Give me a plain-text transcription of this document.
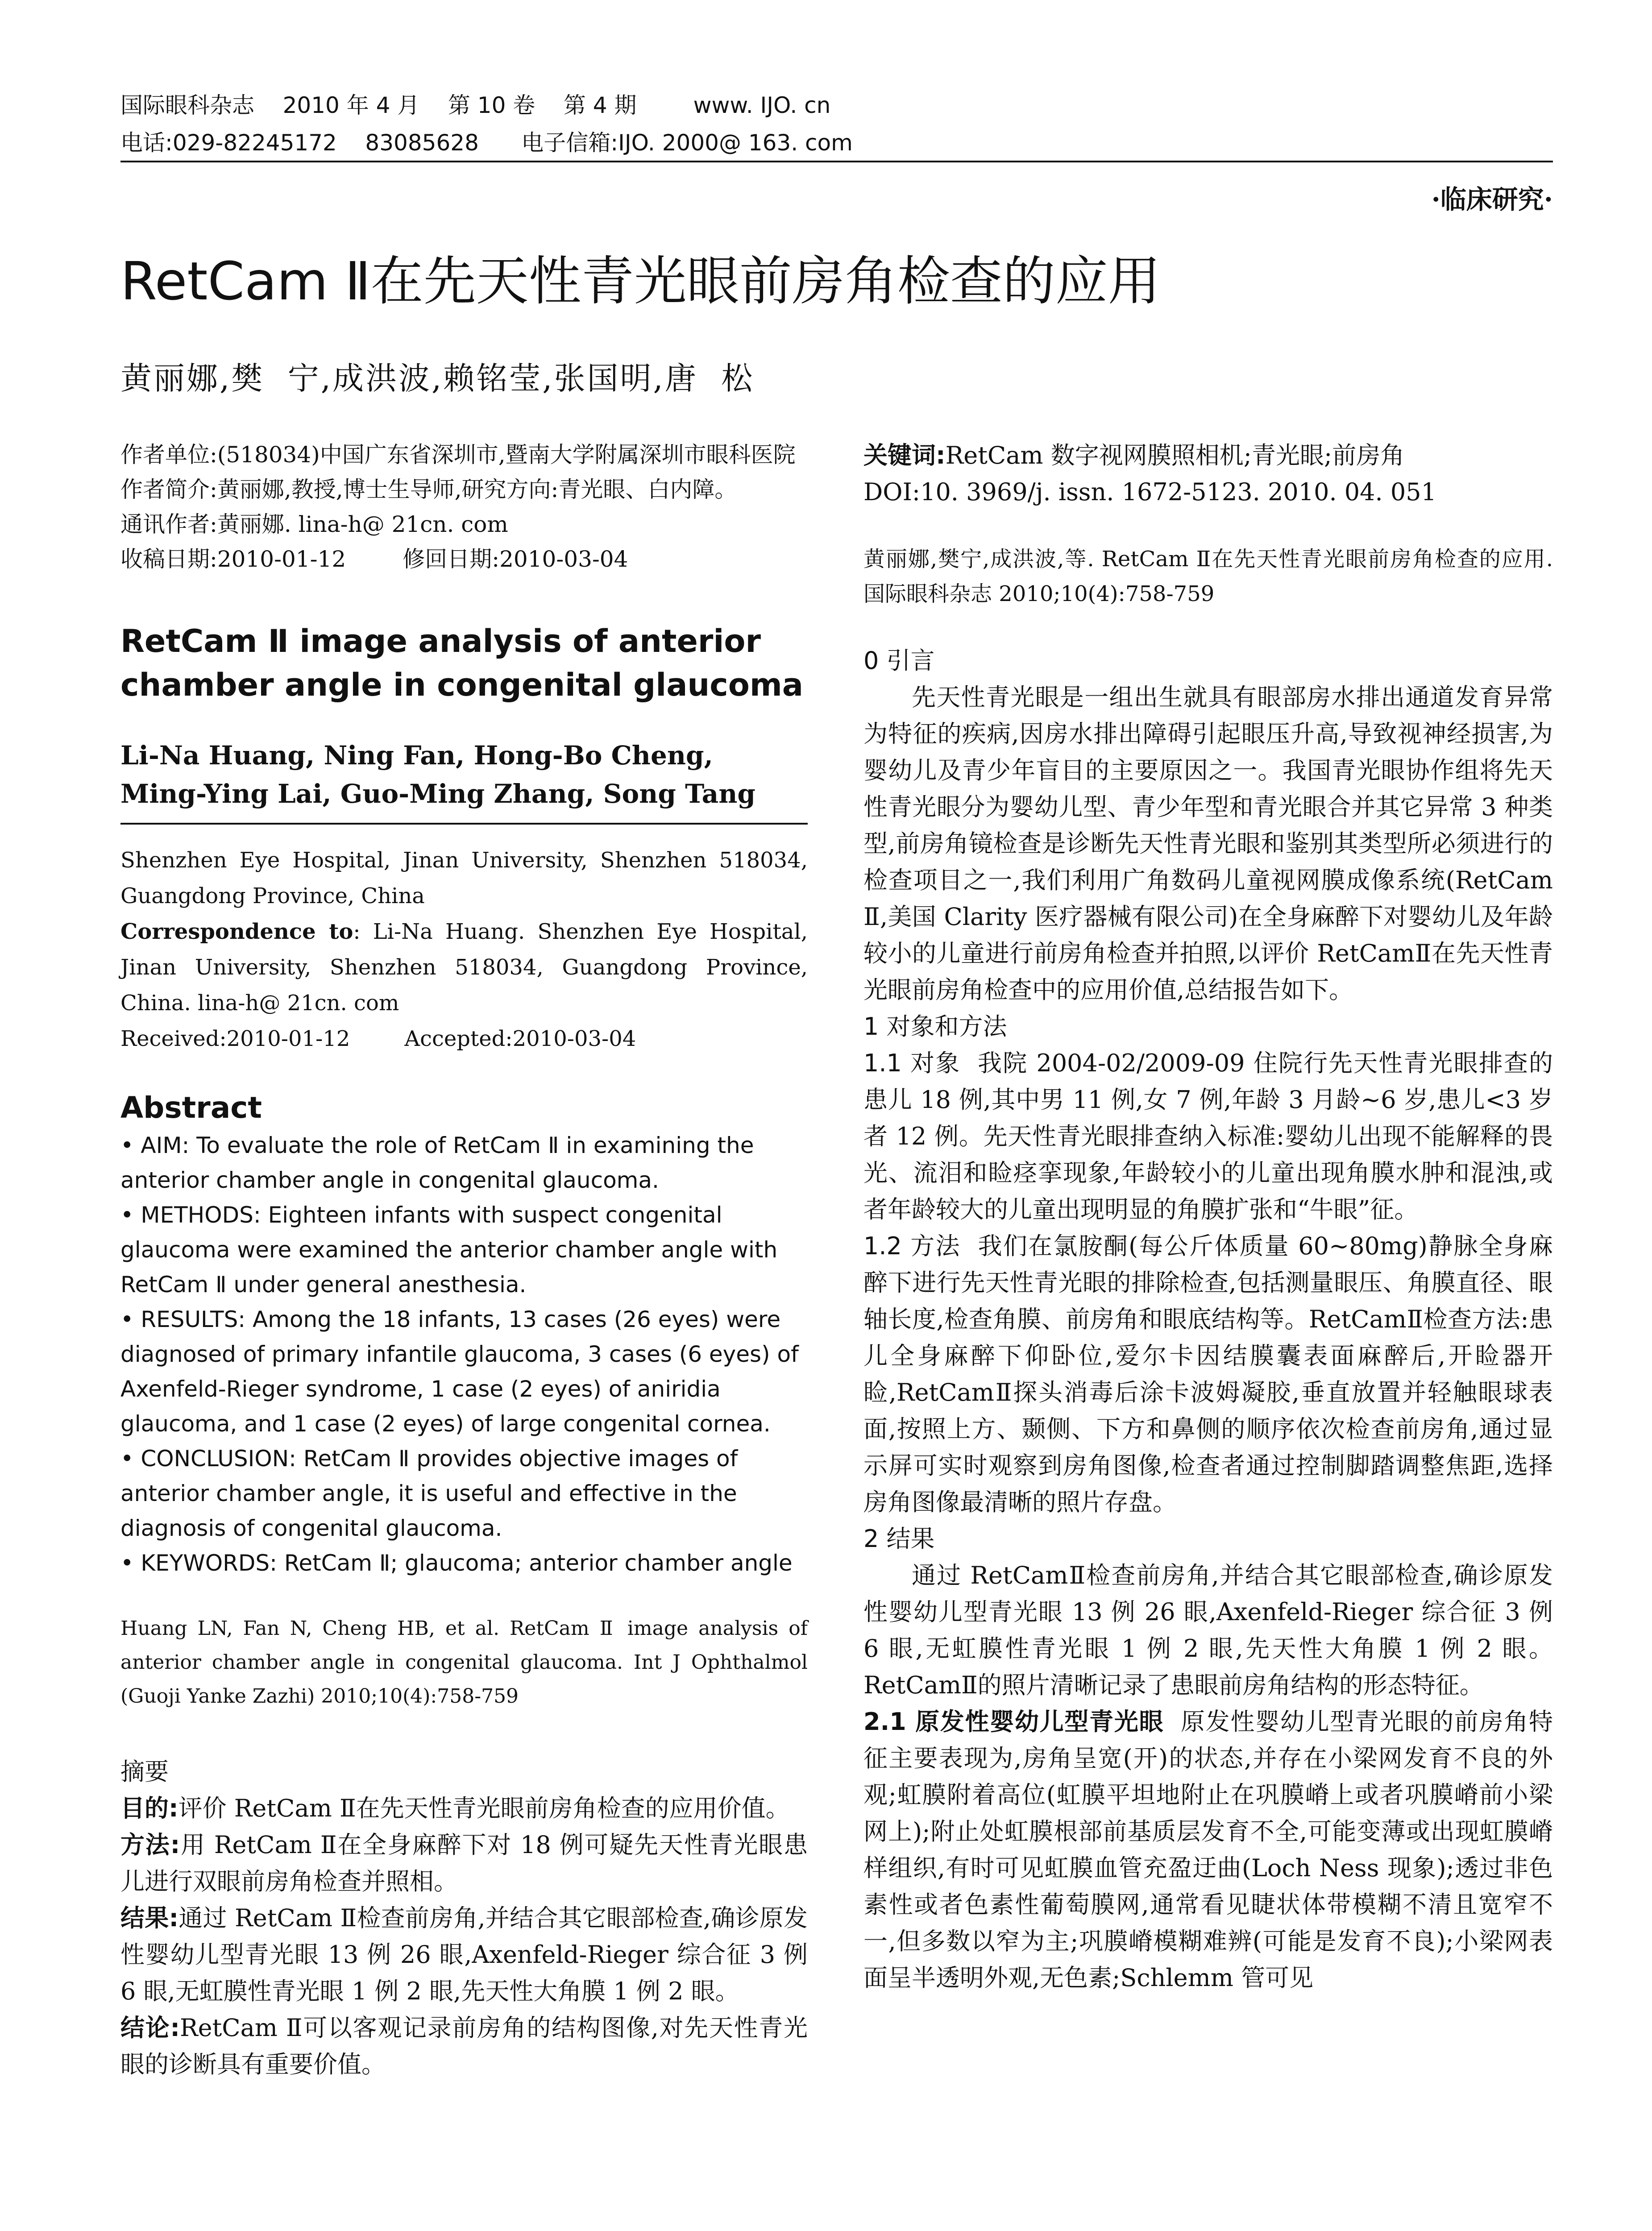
国际眼科杂志    2010 年 4 月    第 10 卷    第 4 期        www. IJO. cn
电话:029-82245172    83085628      电子信箱:IJO. 2000@ 163. com
·临床研究·
RetCam Ⅱ在先天性青光眼前房角检查的应用
黄丽娜,樊  宁,成洪波,赖铭莹,张国明,唐  松

作者单位:(518034)中国广东省深圳市,暨南大学附属深圳市眼科医院

作者简介:黄丽娜,教授,博士生导师,研究方向:青光眼、白内障。

通讯作者:黄丽娜. lina-h@ 21cn. com

收稿日期:2010-01-12        修回日期:2010-03-04

RetCam Ⅱ image analysis of anterior chamber angle in congenital glaucoma

Li-Na Huang, Ning Fan, Hong-Bo Cheng, Ming-Ying Lai, Guo-Ming Zhang, Song Tang

Shenzhen Eye Hospital, Jinan University, Shenzhen 518034, Guangdong Province, China

Correspondence to: Li-Na Huang. Shenzhen Eye Hospital, Jinan University, Shenzhen 518034, Guangdong Province, China. lina-h@ 21cn. com

Received:2010-01-12        Accepted:2010-03-04

Abstract

• AIM: To evaluate the role of RetCam Ⅱ in examining the anterior chamber angle in congenital glaucoma.

• METHODS: Eighteen infants with suspect congenital glaucoma were examined the anterior chamber angle with RetCam Ⅱ under general anesthesia.

• RESULTS: Among the 18 infants, 13 cases (26 eyes) were diagnosed of primary infantile glaucoma, 3 cases (6 eyes) of Axenfeld-Rieger syndrome, 1 case (2 eyes) of aniridia glaucoma, and 1 case (2 eyes) of large congenital cornea.

• CONCLUSION: RetCam Ⅱ provides objective images of anterior chamber angle, it is useful and effective in the diagnosis of congenital glaucoma.

• KEYWORDS: RetCam Ⅱ; glaucoma; anterior chamber angle

Huang LN, Fan N, Cheng HB, et al. RetCam Ⅱ image analysis of anterior chamber angle in congenital glaucoma. Int J Ophthalmol (Guoji Yanke Zazhi) 2010;10(4):758-759

摘要

目的:评价 RetCam Ⅱ在先天性青光眼前房角检查的应用价值。

方法:用 RetCam Ⅱ在全身麻醉下对 18 例可疑先天性青光眼患儿进行双眼前房角检查并照相。

结果:通过 RetCam Ⅱ检查前房角,并结合其它眼部检查,确诊原发性婴幼儿型青光眼 13 例 26 眼,Axenfeld-Rieger 综合征 3 例 6 眼,无虹膜性青光眼 1 例 2 眼,先天性大角膜 1 例 2 眼。

结论:RetCam Ⅱ可以客观记录前房角的结构图像,对先天性青光眼的诊断具有重要价值。

关键词:RetCam 数字视网膜照相机;青光眼;前房角

DOI:10. 3969/j. issn. 1672-5123. 2010. 04. 051

黄丽娜,樊宁,成洪波,等. RetCam Ⅱ在先天性青光眼前房角检查的应用. 国际眼科杂志 2010;10(4):758-759

0 引言

先天性青光眼是一组出生就具有眼部房水排出通道发育异常为特征的疾病,因房水排出障碍引起眼压升高,导致视神经损害,为婴幼儿及青少年盲目的主要原因之一。我国青光眼协作组将先天性青光眼分为婴幼儿型、青少年型和青光眼合并其它异常 3 种类型,前房角镜检查是诊断先天性青光眼和鉴别其类型所必须进行的检查项目之一,我们利用广角数码儿童视网膜成像系统(RetCam Ⅱ,美国 Clarity 医疗器械有限公司)在全身麻醉下对婴幼儿及年龄较小的儿童进行前房角检查并拍照,以评价 RetCamⅡ在先天性青光眼前房角检查中的应用价值,总结报告如下。

1 对象和方法

1.1 对象 我院 2004-02/2009-09 住院行先天性青光眼排查的患儿 18 例,其中男 11 例,女 7 例,年龄 3 月龄~6 岁,患儿<3 岁者 12 例。先天性青光眼排查纳入标准:婴幼儿出现不能解释的畏光、流泪和睑痉挛现象,年龄较小的儿童出现角膜水肿和混浊,或者年龄较大的儿童出现明显的角膜扩张和“牛眼”征。

1.2 方法 我们在氯胺酮(每公斤体质量 60~80mg)静脉全身麻醉下进行先天性青光眼的排除检查,包括测量眼压、角膜直径、眼轴长度,检查角膜、前房角和眼底结构等。RetCamⅡ检查方法:患儿全身麻醉下仰卧位,爱尔卡因结膜囊表面麻醉后,开睑器开睑,RetCamⅡ探头消毒后涂卡波姆凝胶,垂直放置并轻触眼球表面,按照上方、颞侧、下方和鼻侧的顺序依次检查前房角,通过显示屏可实时观察到房角图像,检查者通过控制脚踏调整焦距,选择房角图像最清晰的照片存盘。

2 结果

通过 RetCamⅡ检查前房角,并结合其它眼部检查,确诊原发性婴幼儿型青光眼 13 例 26 眼,Axenfeld-Rieger 综合征 3 例 6 眼,无虹膜性青光眼 1 例 2 眼,先天性大角膜 1 例 2 眼。RetCamⅡ的照片清晰记录了患眼前房角结构的形态特征。

2.1 原发性婴幼儿型青光眼 原发性婴幼儿型青光眼的前房角特征主要表现为,房角呈宽(开)的状态,并存在小梁网发育不良的外观;虹膜附着高位(虹膜平坦地附止在巩膜嵴上或者巩膜嵴前小梁网上);附止处虹膜根部前基质层发育不全,可能变薄或出现虹膜嵴样组织,有时可见虹膜血管充盈迂曲(Loch Ness 现象);透过非色素性或者色素性葡萄膜网,通常看见睫状体带模糊不清且宽窄不一,但多数以窄为主;巩膜嵴模糊难辨(可能是发育不良);小梁网表面呈半透明外观,无色素;Schlemm 管可见
